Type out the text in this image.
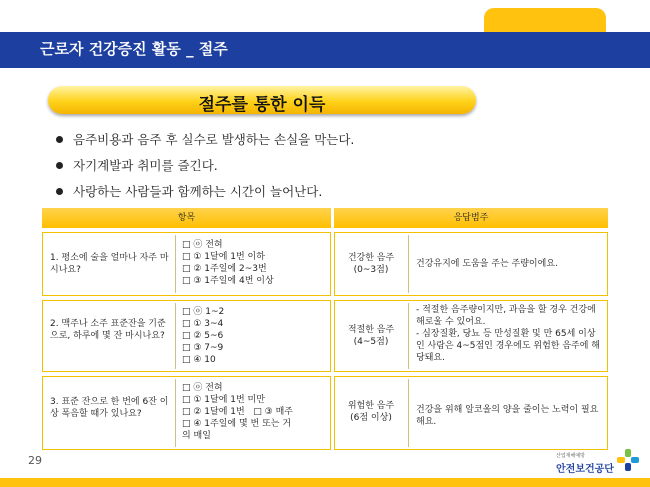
근로자 건강증진 활동 _ 절주
절주를 통한 이득
음주비용과 음주 후 실수로 발생하는 손실을 막는다.
자기계발과 취미를 즐긴다.
사랑하는 사람들과 함께하는 시간이 늘어난다.
항목	응답범주
1. 평소에 술을 얼마나 자주 마시나요?
□ ⓞ 전혀
□ ① 1달에 1번 이하
□ ② 1주일에 2~3번
□ ③ 1주일에 4번 이상
2. 맥주나 소주 표준잔을 기준으로, 하루에 몇 잔 마시나요?
□ ⓞ 1~2
□ ① 3~4
□ ② 5~6
□ ③ 7~9
□ ④ 10
3. 표준 잔으로 한 번에 6잔 이상 폭음할 때가 있나요?
□ ⓞ 전혀
□ ① 1달에 1번 미만
□ ② 1달에 1번   □ ③ 매주
□ ④ 1주일에 몇 번 또는 거
의 매일
건강한 음주
(0~3점)
건강유지에 도움을 주는 주량이에요.
적절한 음주
(4~5점)
- 적절한 음주량이지만, 과음을 할 경우 건강에 해로울 수 있어요.
- 심장질환, 당뇨 등 만성질환 및 만 65세 이상인 사람은 4~5점인 경우에도 위험한 음주에 해당돼요.
위험한 음주
(6점 이상)
건강을 위해 알코올의 양을 줄이는 노력이 필요해요.
29	산업재해예방
안전보건공단
